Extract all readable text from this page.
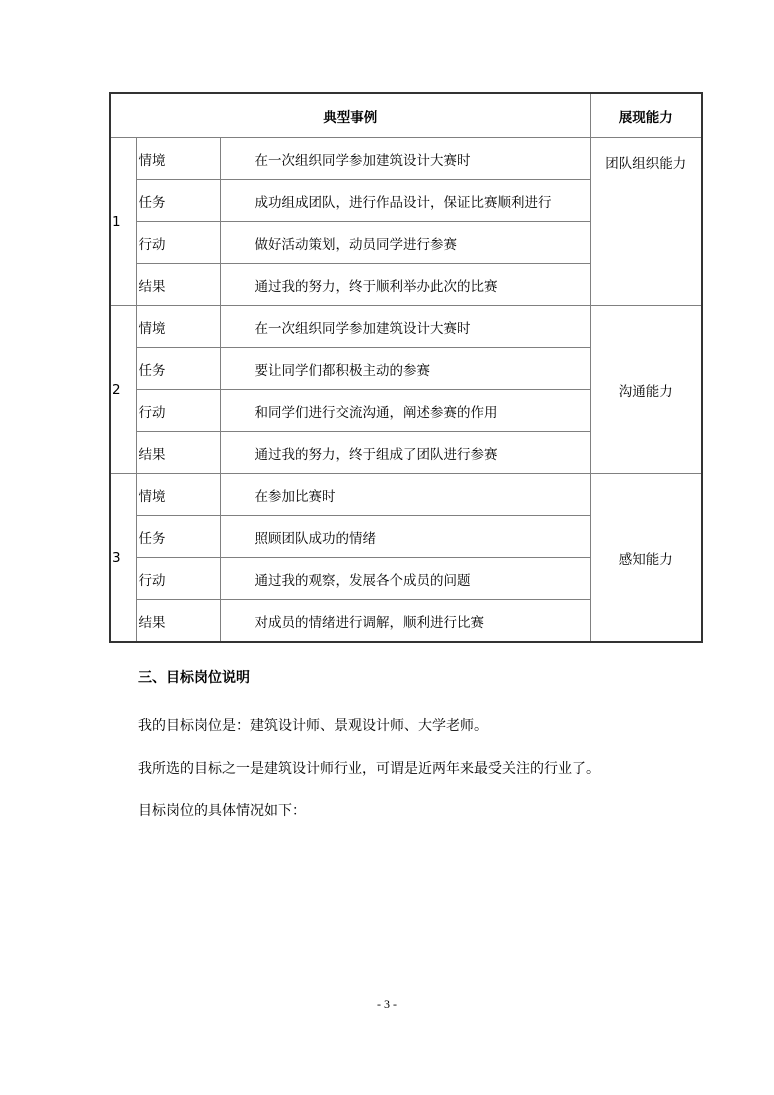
典型事例			展现能力
1	情境	在一次组织同学参加建筑设计大赛时	团队组织能力

	任务	成功组成团队，进行作品设计，保证比赛顺利进行	
	行动	做好活动策划，动员同学进行参赛	
	结果	通过我的努力，终于顺利举办此次的比赛	
2	情境	在一次组织同学参加建筑设计大赛时	沟通能力

	任务	要让同学们都积极主动的参赛	
	行动	和同学们进行交流沟通，阐述参赛的作用	
	结果	通过我的努力，终于组成了团队进行参赛	
3	情境	在参加比赛时	感知能力

	任务	照顾团队成功的情绪	
	行动	通过我的观察，发展各个成员的问题	
	结果	对成员的情绪进行调解，顺利进行比赛	
三、目标岗位说明
我的目标岗位是：建筑设计师、景观设计师、大学老师。
我所选的目标之一是建筑设计师行业，可谓是近两年来最受关注的行业了。
目标岗位的具体情况如下：
- 3 -
